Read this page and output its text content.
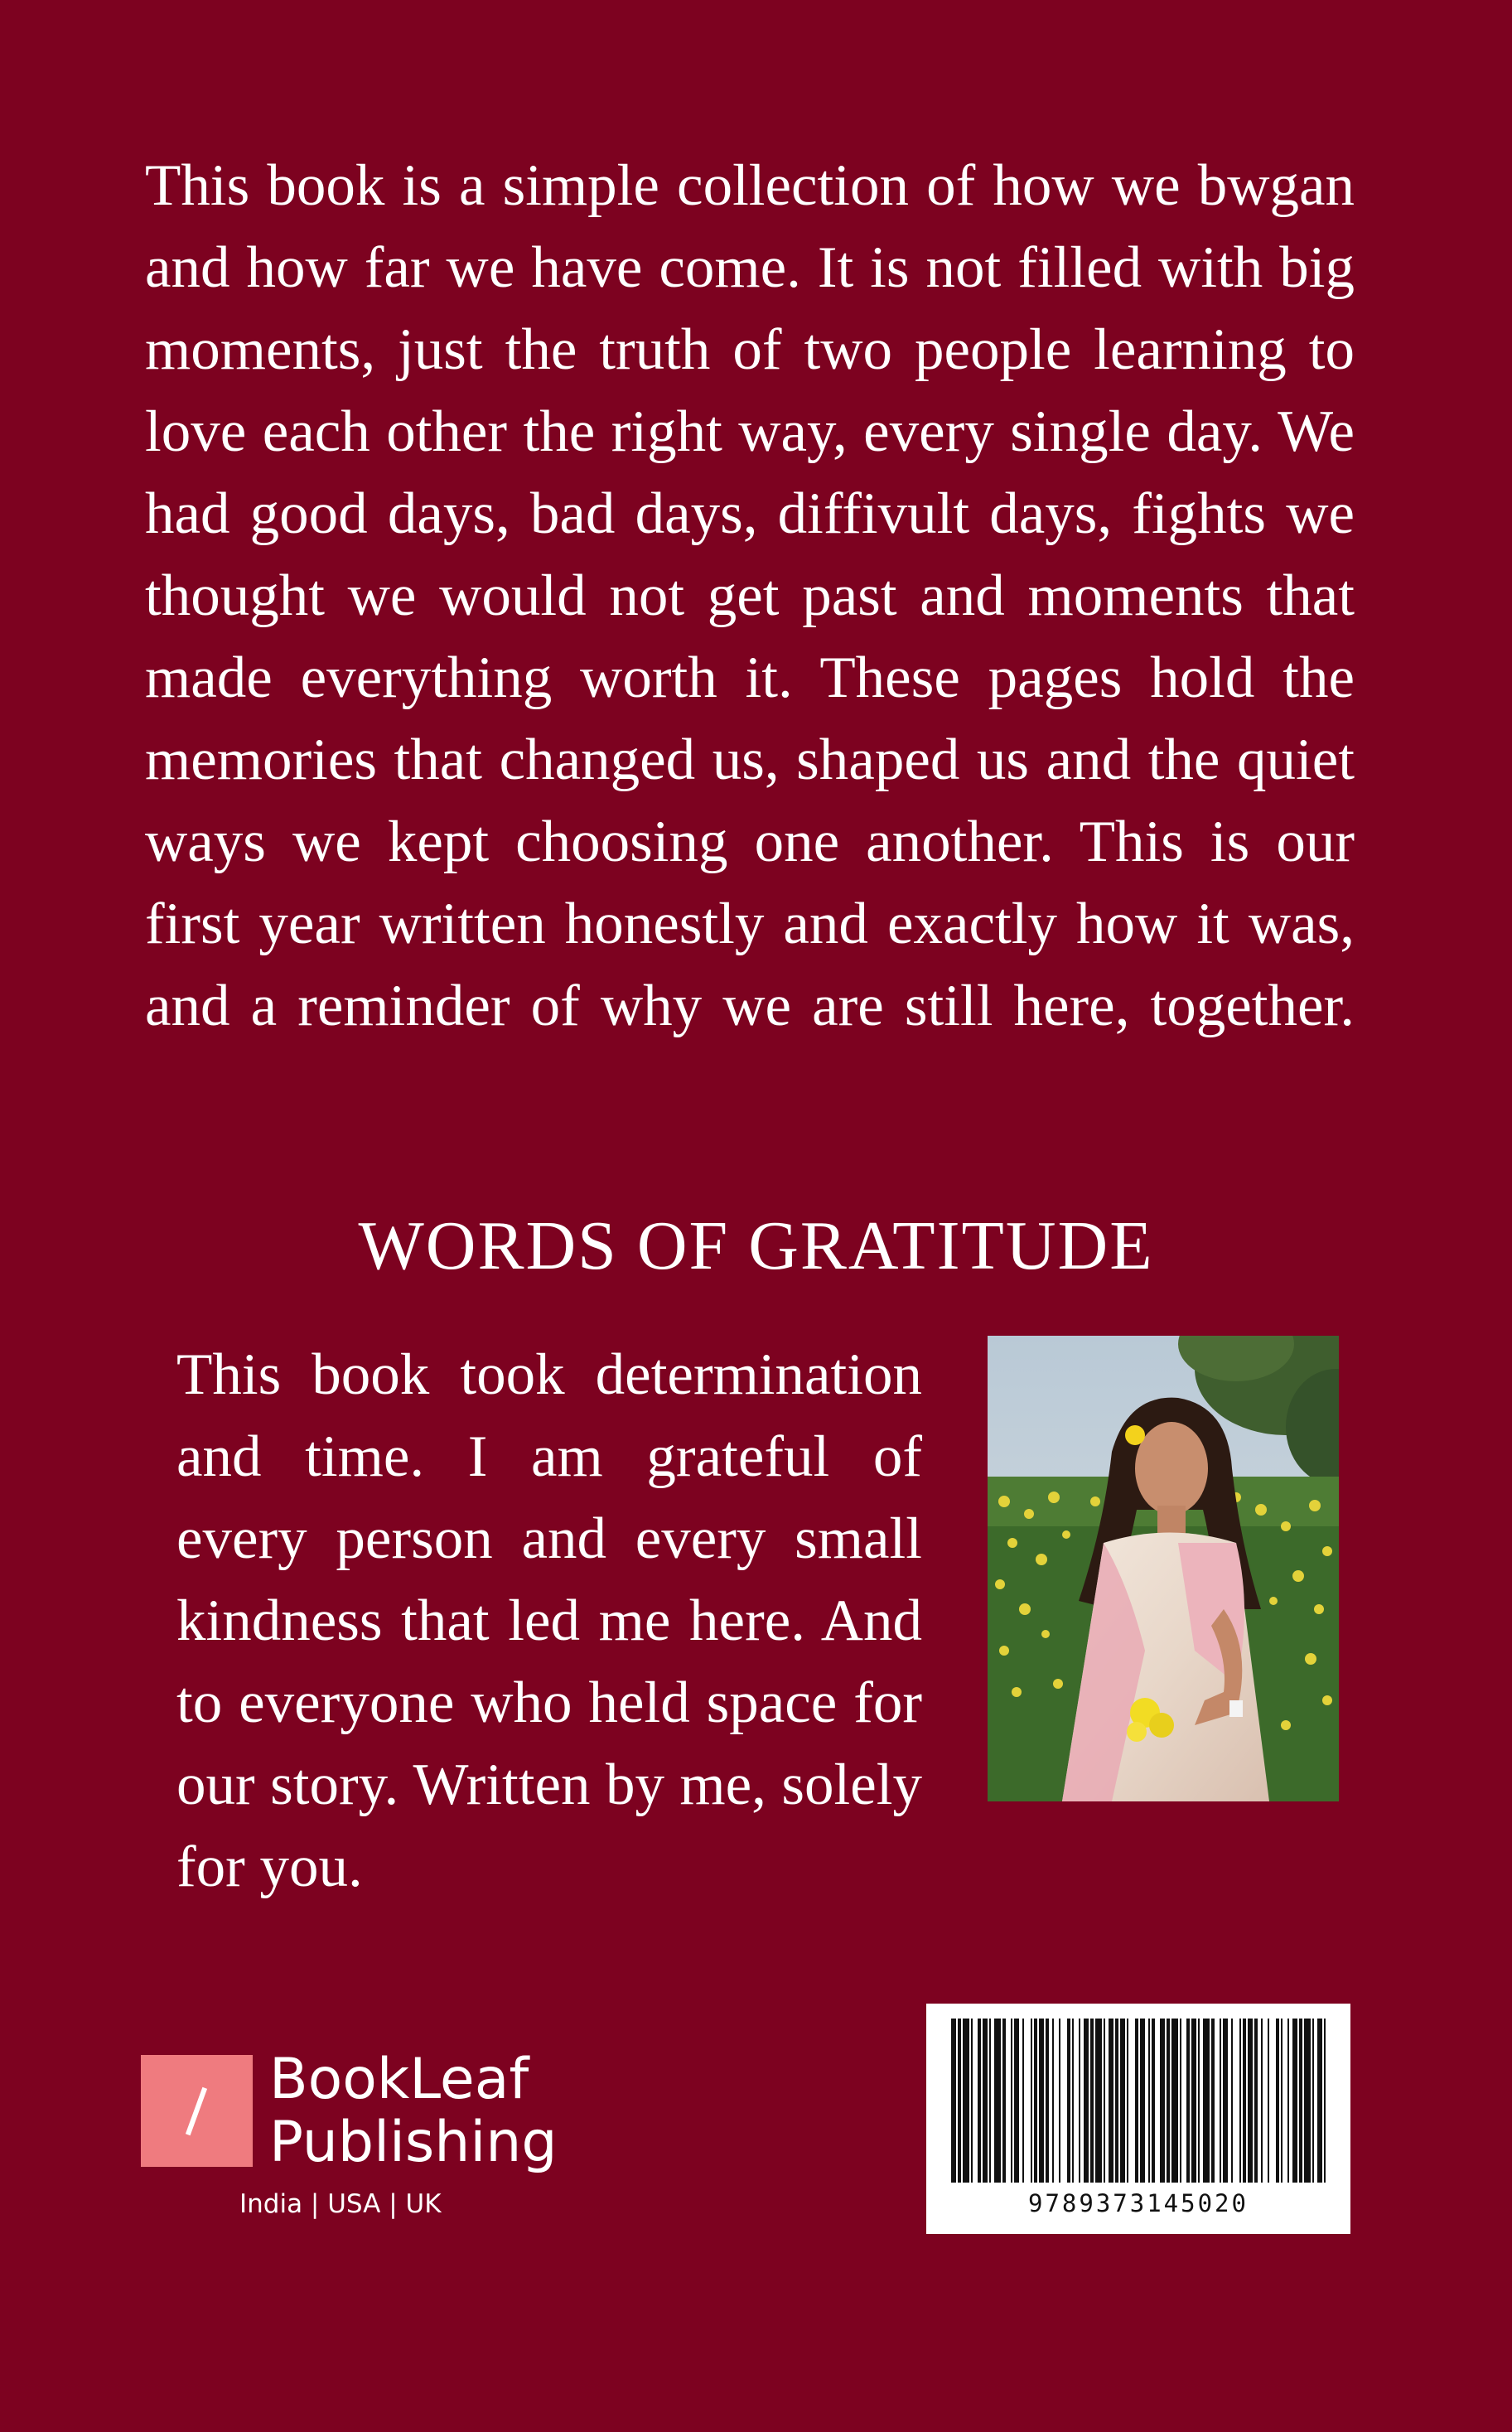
This book is a simple collection of how we bwgan and how far we have come. It is not filled with big moments, just the truth of two people learning to love each other the right way, every single day. We had good days, bad days, diffivult days, fights we thought we would not get past and moments that made everything worth it. These pages hold the memories that changed us, shaped us and the quiet ways we kept choosing one another. This is our first year written honestly and exactly how it was, and a reminder of why we are still here, together.

WORDS OF GRATITUDE

This book took determination and time. I am grateful of every person and every small kindness that led me here. And to everyone who held space for our story. Written by me, solely for you.

BookLeaf
Publishing
India | USA | UK	9789373145020
